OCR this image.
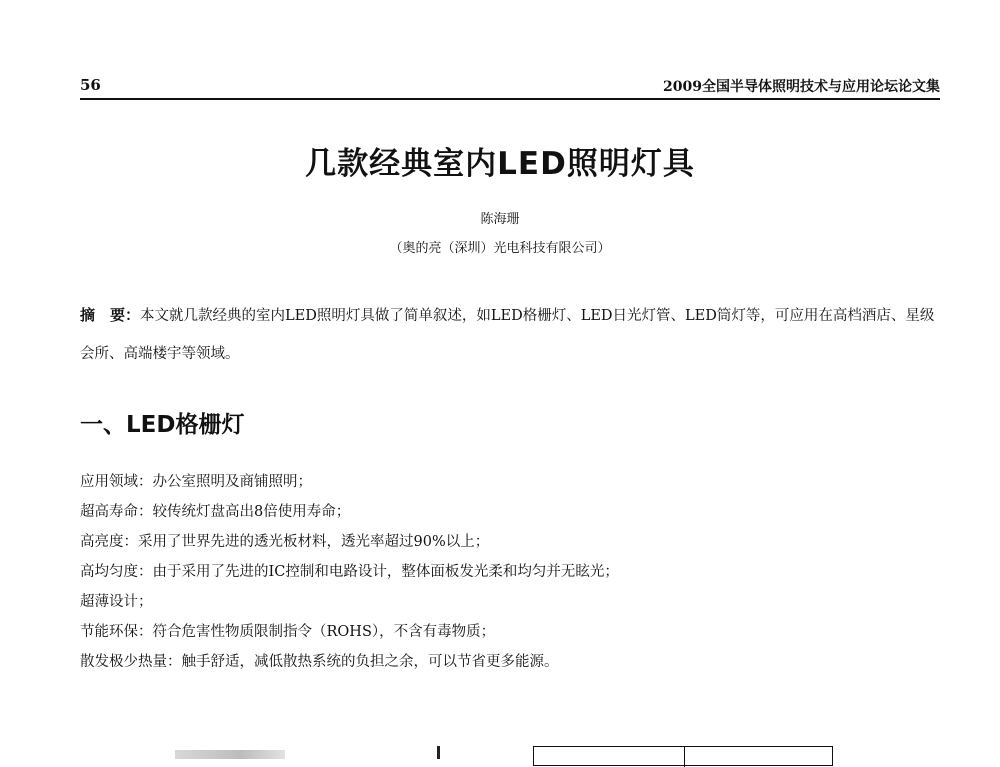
56	2009全国半导体照明技术与应用论坛论文集
几款经典室内LED照明灯具
陈海珊
（奥的亮（深圳）光电科技有限公司）
摘　要：本文就几款经典的室内LED照明灯具做了简单叙述，如LED格栅灯、LED日光灯管、LED筒灯等，可应用在高档酒店、星级会所、高端楼宇等领域。
一、LED格栅灯
应用领域：办公室照明及商铺照明；
超高寿命：较传统灯盘高出8倍使用寿命；
高亮度：采用了世界先进的透光板材料，透光率超过90%以上；
高均匀度：由于采用了先进的IC控制和电路设计，整体面板发光柔和均匀并无眩光；
超薄设计；
节能环保：符合危害性物质限制指令（ROHS），不含有毒物质；
散发极少热量：触手舒适，减低散热系统的负担之余，可以节省更多能源。
